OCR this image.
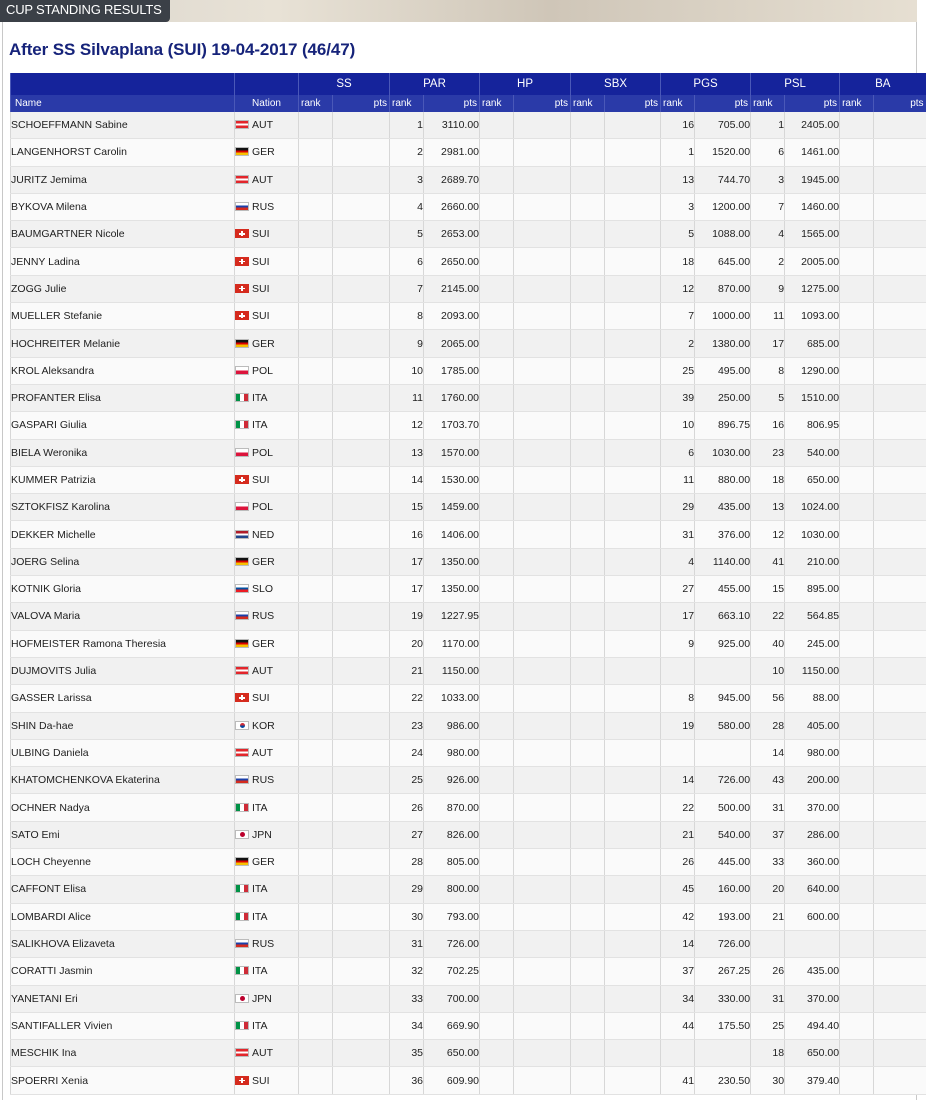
CUP STANDING RESULTS
After SS Silvaplana (SUI) 19-04-2017 (46/47)
		SS		PAR		HP		SBX		PGS		PSL		BA	
Name	Nation	rank	pts	rank	pts	rank	pts	rank	pts	rank	pts	rank	pts	rank	pts
SCHOEFFMANN Sabine	AUT			1	3110.00					16	705.00	1	2405.00		
LANGENHORST Carolin	GER			2	2981.00					1	1520.00	6	1461.00		
JURITZ Jemima	AUT			3	2689.70					13	744.70	3	1945.00		
BYKOVA Milena	RUS			4	2660.00					3	1200.00	7	1460.00		
BAUMGARTNER Nicole	SUI			5	2653.00					5	1088.00	4	1565.00		
JENNY Ladina	SUI			6	2650.00					18	645.00	2	2005.00		
ZOGG Julie	SUI			7	2145.00					12	870.00	9	1275.00		
MUELLER Stefanie	SUI			8	2093.00					7	1000.00	11	1093.00		
HOCHREITER Melanie	GER			9	2065.00					2	1380.00	17	685.00		
KROL Aleksandra	POL			10	1785.00					25	495.00	8	1290.00		
PROFANTER Elisa	ITA			11	1760.00					39	250.00	5	1510.00		
GASPARI Giulia	ITA			12	1703.70					10	896.75	16	806.95		
BIELA Weronika	POL			13	1570.00					6	1030.00	23	540.00		
KUMMER Patrizia	SUI			14	1530.00					11	880.00	18	650.00		
SZTOKFISZ Karolina	POL			15	1459.00					29	435.00	13	1024.00		
DEKKER Michelle	NED			16	1406.00					31	376.00	12	1030.00		
JOERG Selina	GER			17	1350.00					4	1140.00	41	210.00		
KOTNIK Gloria	SLO			17	1350.00					27	455.00	15	895.00		
VALOVA Maria	RUS			19	1227.95					17	663.10	22	564.85		
HOFMEISTER Ramona Theresia	GER			20	1170.00					9	925.00	40	245.00		
DUJMOVITS Julia	AUT			21	1150.00							10	1150.00		
GASSER Larissa	SUI			22	1033.00					8	945.00	56	88.00		
SHIN Da-hae	KOR			23	986.00					19	580.00	28	405.00		
ULBING Daniela	AUT			24	980.00							14	980.00		
KHATOMCHENKOVA Ekaterina	RUS			25	926.00					14	726.00	43	200.00		
OCHNER Nadya	ITA			26	870.00					22	500.00	31	370.00		
SATO Emi	JPN			27	826.00					21	540.00	37	286.00		
LOCH Cheyenne	GER			28	805.00					26	445.00	33	360.00		
CAFFONT Elisa	ITA			29	800.00					45	160.00	20	640.00		
LOMBARDI Alice	ITA			30	793.00					42	193.00	21	600.00		
SALIKHOVA Elizaveta	RUS			31	726.00					14	726.00				
CORATTI Jasmin	ITA			32	702.25					37	267.25	26	435.00		
YANETANI Eri	JPN			33	700.00					34	330.00	31	370.00		
SANTIFALLER Vivien	ITA			34	669.90					44	175.50	25	494.40		
MESCHIK Ina	AUT			35	650.00							18	650.00		
SPOERRI Xenia	SUI			36	609.90					41	230.50	30	379.40		
